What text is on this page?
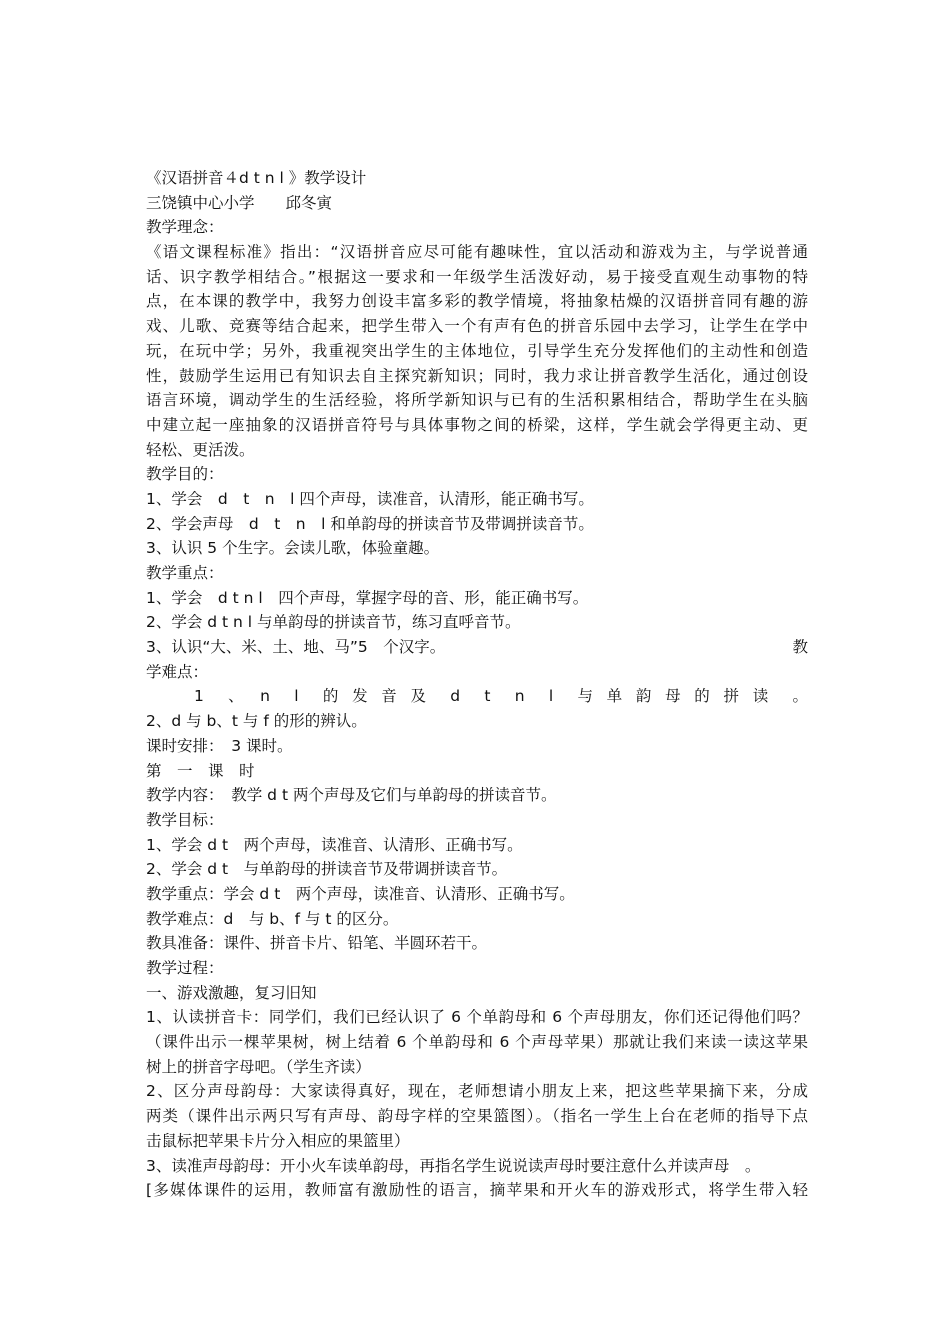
《汉语拼音４d t n l 》教学设计
三饶镇中心小学　　邱冬寅
教学理念：
《语文课程标准》指出：“汉语拼音应尽可能有趣味性，宜以活动和游戏为主，与学说普通
话、识字教学相结合。”根据这一要求和一年级学生活泼好动，易于接受直观生动事物的特
点，在本课的教学中，我努力创设丰富多彩的教学情境，将抽象枯燥的汉语拼音同有趣的游
戏、儿歌、竞赛等结合起来，把学生带入一个有声有色的拼音乐园中去学习，让学生在学中
玩，在玩中学；另外，我重视突出学生的主体地位，引导学生充分发挥他们的主动性和创造
性，鼓励学生运用已有知识去自主探究新知识；同时，我力求让拼音教学生活化，通过创设
语言环境，调动学生的生活经验，将所学新知识与已有的生活积累相结合，帮助学生在头脑
中建立起一座抽象的汉语拼音符号与具体事物之间的桥梁，这样，学生就会学得更主动、更
轻松、更活泼。
教学目的：
1、学会　d　t　n　l 四个声母，读准音，认清形，能正确书写。
2、学会声母　d　t　n　l 和单韵母的拼读音节及带调拼读音节。
3、认识 5 个生字。会读儿歌，体验童趣。
教学重点：
1、学会　d t n l　四个声母，掌握字母的音、形，能正确书写。
2、学会 d t n l 与单韵母的拼读音节，练习直呼音节。
3、认识“大、米、土、地、马”5　个汉字。	教
学难点：
1　、　n　l　的 发 音 及　d　t　n　l　与 单 韵 母 的 拼 读　。
2、d 与 b、t 与 f 的形的辨认。
课时安排：　3 课时。
第　一　课　时
教学内容：　教学 d t 两个声母及它们与单韵母的拼读音节。
教学目标：
1、学会 d t　两个声母，读准音、认清形、正确书写。
2、学会 d t　与单韵母的拼读音节及带调拼读音节。
教学重点：学会 d t　两个声母，读准音、认清形、正确书写。
教学难点：d　与 b、f 与 t 的区分。
教具准备：课件、拼音卡片、铅笔、半圆环若干。
教学过程：
一、游戏激趣，复习旧知
1、认读拼音卡：同学们，我们已经认识了 6 个单韵母和 6 个声母朋友，你们还记得他们吗？
（课件出示一棵苹果树，树上结着 6 个单韵母和 6 个声母苹果）那就让我们来读一读这苹果
树上的拼音字母吧。（学生齐读）
2、区分声母韵母：大家读得真好，现在，老师想请小朋友上来，把这些苹果摘下来，分成
两类（课件出示两只写有声母、韵母字样的空果篮图）。（指名一学生上台在老师的指导下点
击鼠标把苹果卡片分入相应的果篮里）
3、读准声母韵母：开小火车读单韵母，再指名学生说说读声母时要注意什么并读声母　。
[多媒体课件的运用，教师富有激励性的语言，摘苹果和开火车的游戏形式，将学生带入轻
